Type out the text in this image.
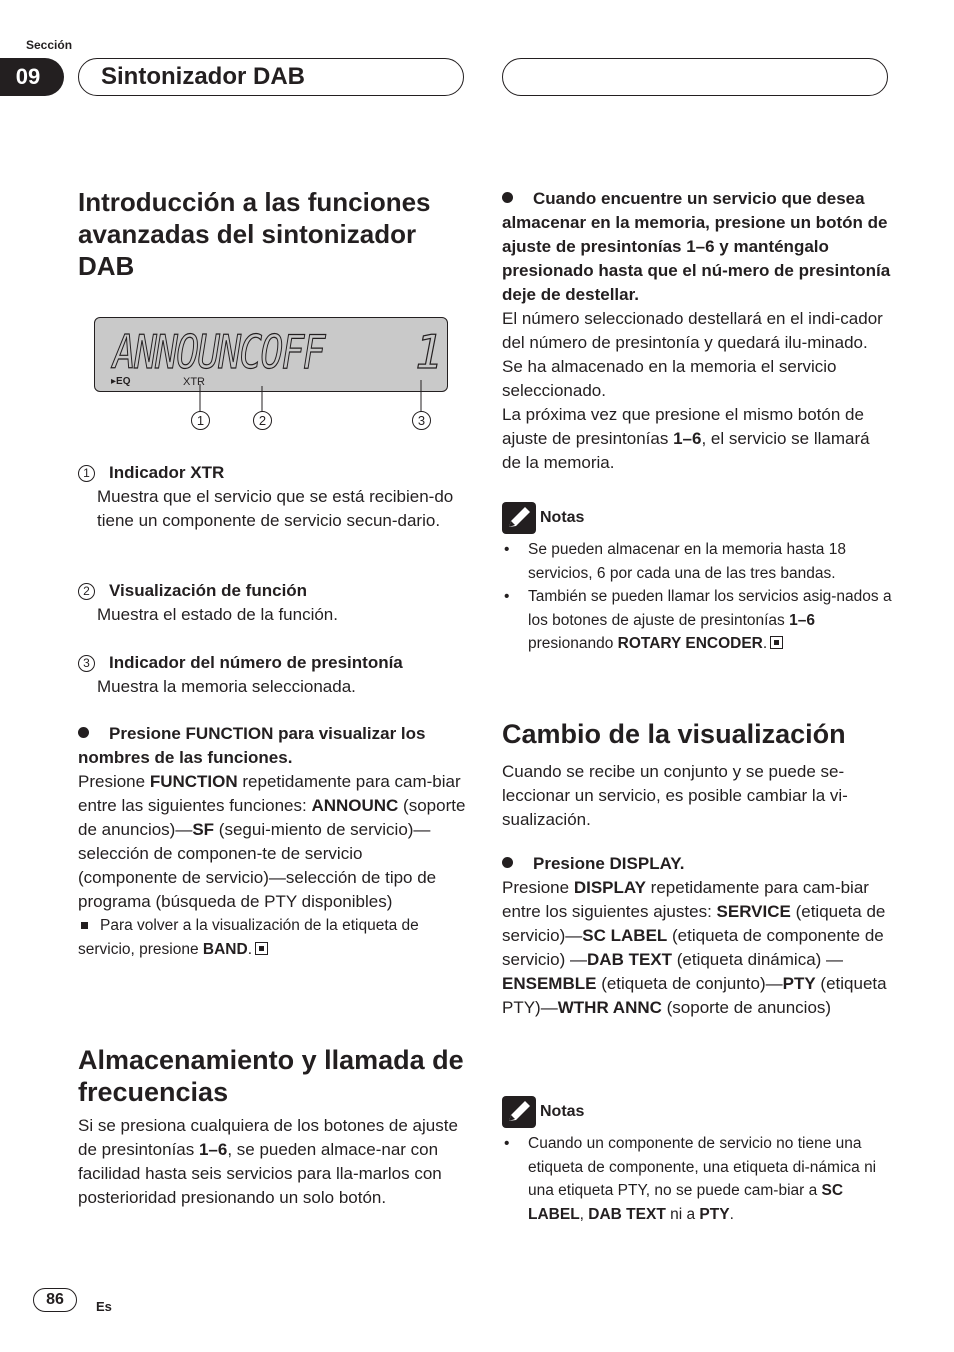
Sección
09	Sintonizador DAB
Introducción a las funciones avanzadas del sintonizador DAB
ANNOUNCOFF 1
▸EQ	XTR
1	2	3
1 Indicador XTR
Muestra que el servicio que se está recibien-do tiene un componente de servicio secun-dario.
2 Visualización de función
Muestra el estado de la función.
3 Indicador del número de presintonía
Muestra la memoria seleccionada.
Presione FUNCTION para visualizar los nombres de las funciones.

Presione FUNCTION repetidamente para cam-biar entre las siguientes funciones: ANNOUNC (soporte de anuncios)—SF (segui-miento de servicio)—selección de componen-te de servicio (componente de servicio)—selección de tipo de programa (búsqueda de PTY disponibles)

Para volver a la visualización de la etiqueta de servicio, presione BAND.

Almacenamiento y llamada de frecuencias

Si se presiona cualquiera de los botones de ajuste de presintonías 1–6, se pueden almace-nar con facilidad hasta seis servicios para lla-marlos con posterioridad presionando un solo botón.

Cuando encuentre un servicio que desea almacenar en la memoria, presione un botón de ajuste de presintonías 1–6 y manténgalo presionado hasta que el nú-mero de presintonía deje de destellar.

El número seleccionado destellará en el indi-cador del número de presintonía y quedará ilu-minado. Se ha almacenado en la memoria el servicio seleccionado.

La próxima vez que presione el mismo botón de ajuste de presintonías 1–6, el servicio se llamará de la memoria.

Notas
• Se pueden almacenar en la memoria hasta 18 servicios, 6 por cada una de las tres bandas.
• También se pueden llamar los servicios asig-nados a los botones de ajuste de presintonías 1–6 presionando ROTARY ENCODER.
Cambio de la visualización

Cuando se recibe un conjunto y se puede se-leccionar un servicio, es posible cambiar la vi-sualización.

Presione DISPLAY.

Presione DISPLAY repetidamente para cam-biar entre los siguientes ajustes: SERVICE (etiqueta de servicio)—SC LABEL (etiqueta de componente de servicio) —DAB TEXT (etiqueta dinámica) —ENSEMBLE (etiqueta de conjunto)—PTY (etiqueta PTY)—WTHR ANNC (soporte de anuncios)

Notas
• Cuando un componente de servicio no tiene una etiqueta de componente, una etiqueta di-námica ni una etiqueta PTY, no se puede cam-biar a SC LABEL, DAB TEXT ni a PTY.
86	Es
